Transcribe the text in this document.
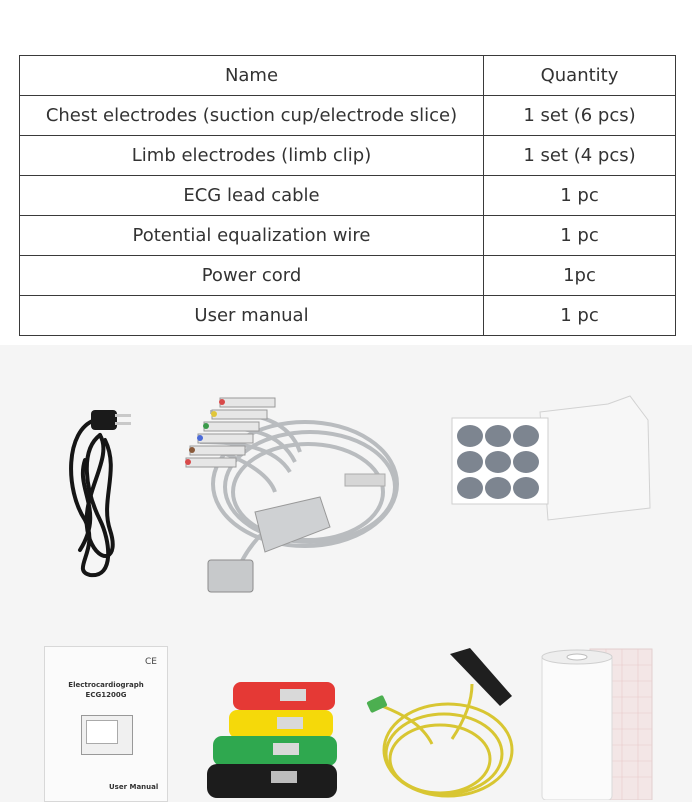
Name	Quantity
Chest electrodes (suction cup/electrode slice)	1 set (6 pcs)
Limb electrodes (limb clip)	1 set (4 pcs)
ECG lead cable	1 pc
Potential equalization wire	1 pc
Power cord	1pc
User manual	1 pc
CE
Electrocardiograph
ECG1200G
User Manual
